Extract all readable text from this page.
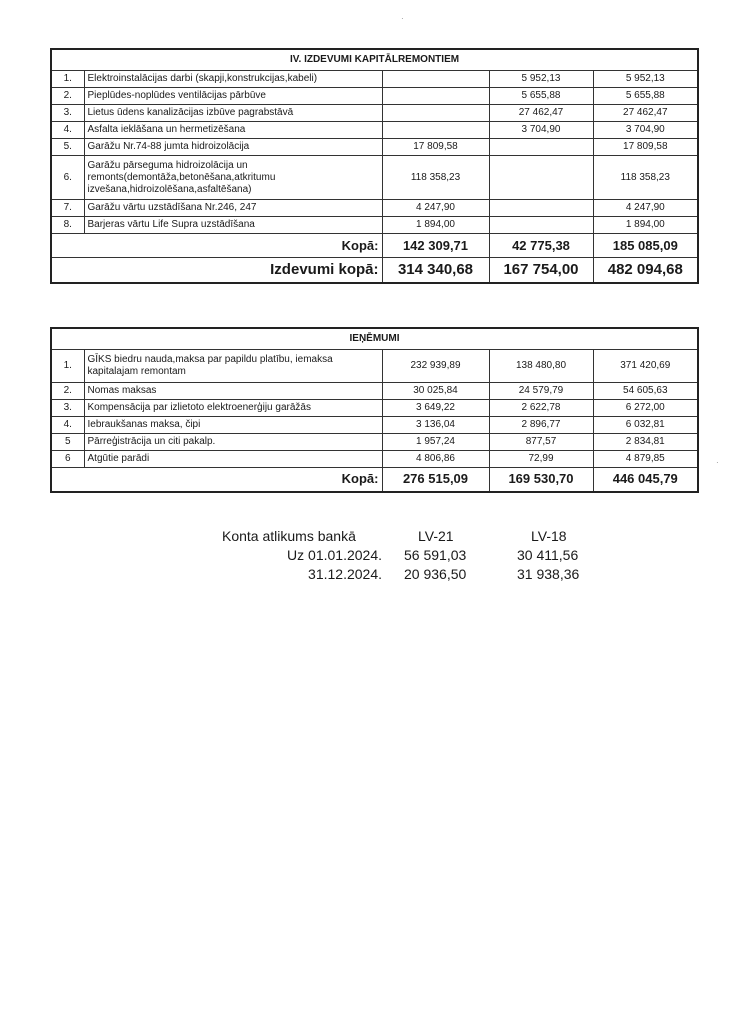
·
IV. IZDEVUMI KAPITĀLREMONTIEM				
1.	Elektroinstalācijas darbi (skapji,konstrukcijas,kabeli)		5 952,13	5 952,13
2.	Pieplūdes-noplūdes ventilācijas pārbūve		5 655,88	5 655,88
3.	Lietus ūdens kanalizācijas izbūve pagrabstāvā		27 462,47	27 462,47
4.	Asfalta ieklāšana un hermetizēšana		3 704,90	3 704,90
5.	Garāžu Nr.74-88 jumta hidroizolācija	17 809,58		17 809,58
6.	Garāžu pārseguma hidroizolācija un remonts(demontāža,betonēšana,atkritumu izvešana,hidroizolēšana,asfaltēšana)	118 358,23		118 358,23
7.	Garāžu vārtu uzstādīšana Nr.246, 247	4 247,90		4 247,90
8.	Barjeras vārtu Life Supra uzstādīšana	1 894,00		1 894,00
Kopā:		142 309,71	42 775,38	185 085,09
Izdevumi kopā:		314 340,68	167 754,00	482 094,68
IEŅĒMUMI				
1.	GĪKS biedru nauda,maksa par papildu platību, iemaksa kapitalajam remontam	232 939,89	138 480,80	371 420,69
2.	Nomas maksas	30 025,84	24 579,79	54 605,63
3.	Kompensācija par izlietoto elektroenerģiju garāžās	3 649,22	2 622,78	6 272,00
4.	Iebraukšanas maksa, čipi	3 136,04	2 896,77	6 032,81
5	Pārreģistrācija un citi pakalp.	1 957,24	877,57	2 834,81
6	Atgūtie parādi	4 806,86	72,99	4 879,85
Kopā:		276 515,09	169 530,70	446 045,79
Konta atlikums bankā	LV-21	LV-18
Uz 01.01.2024. 56 591,03	30 411,56
31.12.2024. 20 936,50	31 938,36
·
